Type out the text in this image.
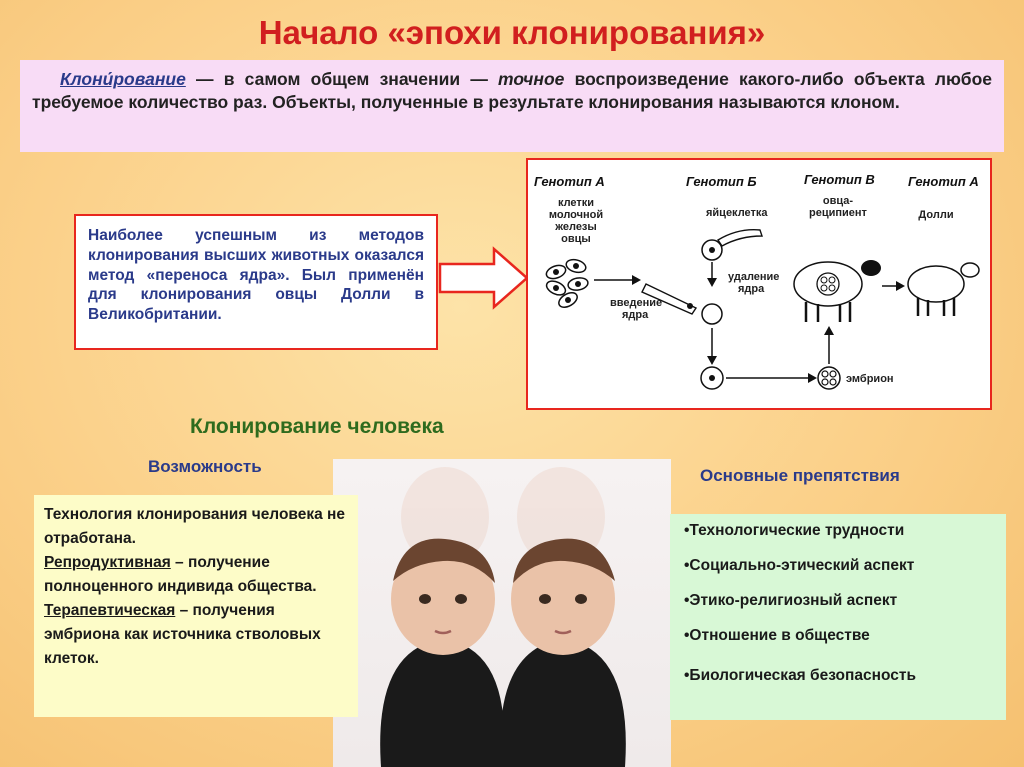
Начало «эпохи клонирования»
Клони́рование — в самом общем значении — точное воспроизведение какого-либо объекта любое требуемое количество раз. Объекты, полученные в результате клонирования называются клоном.
Наиболее успешным из методов клонирования высших животных оказался метод «переноса ядра». Был применён для клонирования овцы Долли в Великобритании.
Генотип А	Генотип Б	Генотип В	Генотип А
клетки
молочной
железы
овцы
яйцеклетка
овца-
реципиент	Долли
удаление
ядра
введение
ядра
эмбрион
Клонирование человека
Возможность	Основные препятствия
Технология клонирования человека не отработана.
Репродуктивная – получение полноценного индивида общества.
Терапевтическая – получения эмбриона как источника стволовых клеток.
•Технологические трудности
•Социально-этический аспект
•Этико-религиозный аспект
•Отношение в обществе
•Биологическая безопасность
